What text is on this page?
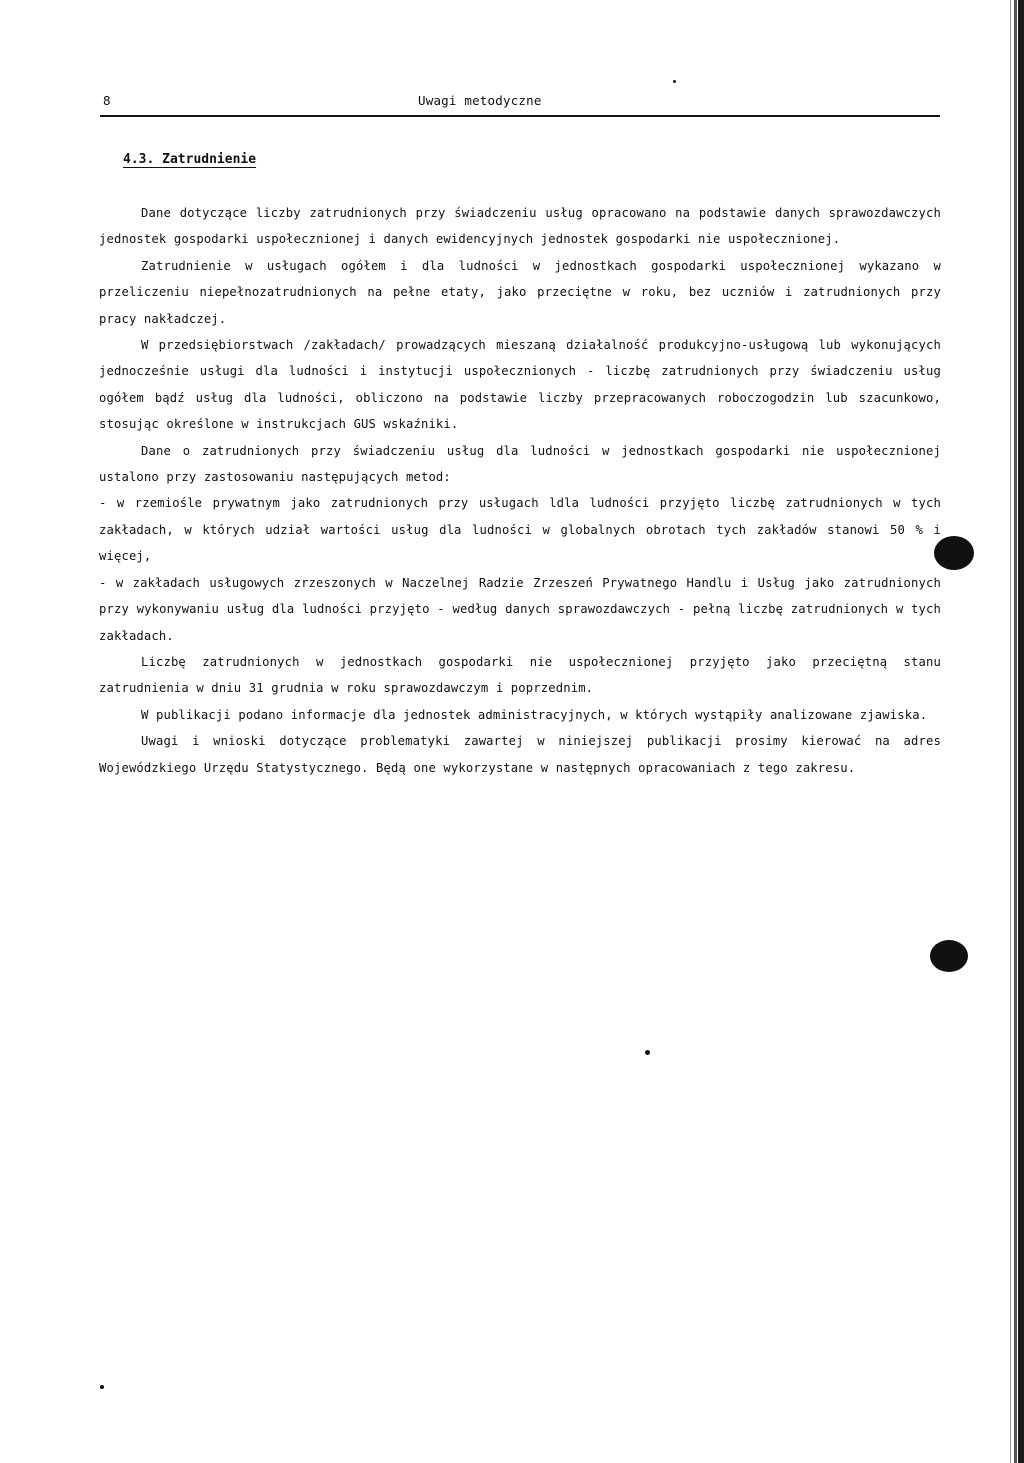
8	Uwagi metodyczne
4.3. Zatrudnienie

Dane dotyczące liczby zatrudnionych przy świadczeniu usług opracowano na podstawie danych sprawozdawczych jednostek gospodarki uspołecznionej i danych ewidencyjnych jednostek gospodarki nie uspołecznionej.

Zatrudnienie w usługach ogółem i dla ludności w jednostkach gospodarki uspołecznionej wykazano w przeliczeniu niepełnozatrudnionych na pełne etaty, jako przeciętne w roku, bez uczniów i zatrudnionych przy pracy nakładczej.

W przedsiębiorstwach /zakładach/ prowadzących mieszaną działalność produkcyjno-usługową lub wykonujących jednocześnie usługi dla ludności i instytucji uspołecznionych - liczbę zatrudnionych przy świadczeniu usług ogółem bądź usług dla ludności, obliczono na podstawie liczby przepracowanych roboczogodzin lub szacunkowo, stosując określone w instrukcjach GUS wskaźniki.

Dane o zatrudnionych przy świadczeniu usług dla ludności w jednostkach gospodarki nie uspołecznionej ustalono przy zastosowaniu następujących metod:

- w rzemiośle prywatnym jako zatrudnionych przy usługach ldla ludności przyjęto liczbę zatrudnionych w tych zakładach, w których udział wartości usług dla ludności w globalnych obrotach tych zakładów stanowi 50 % i więcej,

- w zakładach usługowych zrzeszonych w Naczelnej Radzie Zrzeszeń Prywatnego Handlu i Usług jako zatrudnionych przy wykonywaniu usług dla ludności przyjęto - według danych sprawozdawczych - pełną liczbę zatrudnionych w tych zakładach.

Liczbę zatrudnionych w jednostkach gospodarki nie uspołecznionej przyjęto jako przeciętną stanu zatrudnienia w dniu 31 grudnia w roku sprawozdawczym i poprzednim.

W publikacji podano informacje dla jednostek administracyjnych, w których wystąpiły analizowane zjawiska.

Uwagi i wnioski dotyczące problematyki zawartej w niniejszej publikacji prosimy kierować na adres Wojewódzkiego Urzędu Statystycznego. Będą one wykorzystane w następnych opracowaniach z tego zakresu.
